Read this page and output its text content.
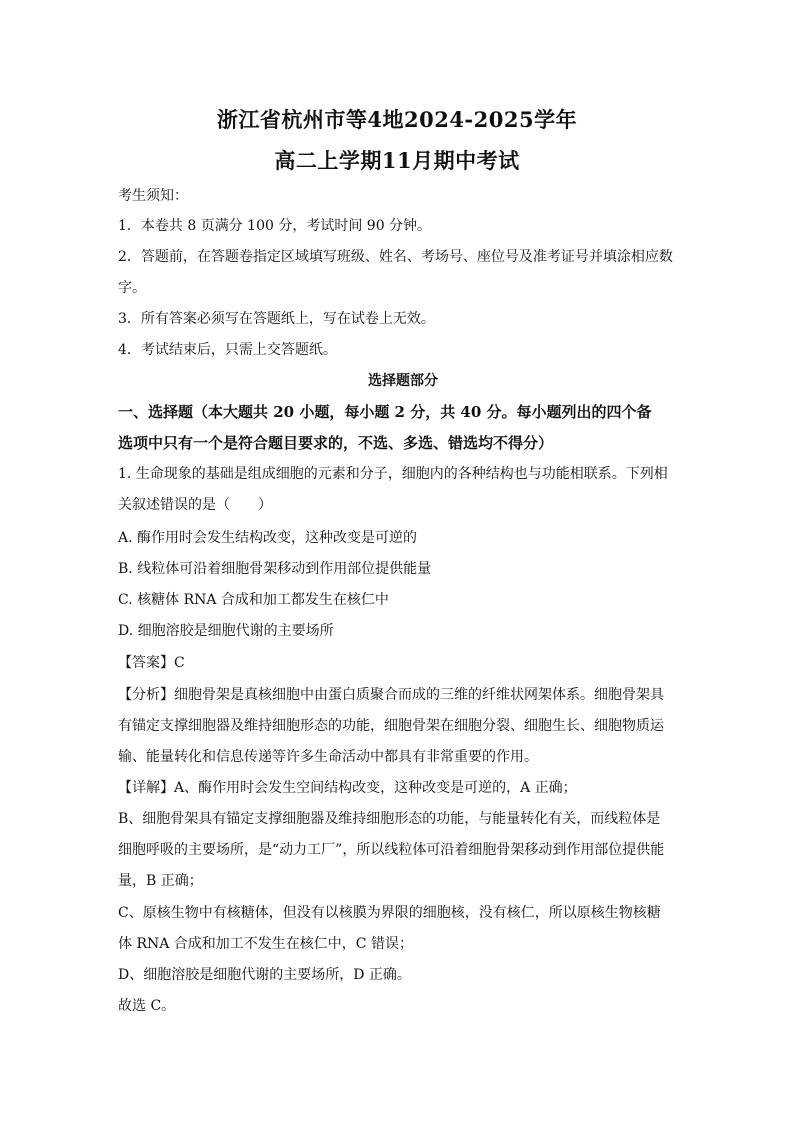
浙江省杭州市等4地2024-2025学年
高二上学期11月期中考试
考生须知：
1．本卷共 8 页满分 100 分，考试时间 90 分钟。
2．答题前，在答题卷指定区域填写班级、姓名、考场号、座位号及准考证号并填涂相应数
字。
3．所有答案必须写在答题纸上，写在试卷上无效。
4．考试结束后，只需上交答题纸。
选择题部分
一、选择题（本大题共 20 小题，每小题 2 分，共 40 分。每小题列出的四个备
选项中只有一个是符合题目要求的，不选、多选、错选均不得分）
1. 生命现象的基础是组成细胞的元素和分子，细胞内的各种结构也与功能相联系。下列相
关叙述错误的是（　　）
A. 酶作用时会发生结构改变，这种改变是可逆的
B. 线粒体可沿着细胞骨架移动到作用部位提供能量
C. 核糖体 RNA 合成和加工都发生在核仁中
D. 细胞溶胶是细胞代谢的主要场所
【答案】C
【分析】细胞骨架是真核细胞中由蛋白质聚合而成的三维的纤维状网架体系。细胞骨架具
有锚定支撑细胞器及维持细胞形态的功能，细胞骨架在细胞分裂、细胞生长、细胞物质运
输、能量转化和信息传递等许多生命活动中都具有非常重要的作用。
【详解】A、酶作用时会发生空间结构改变，这种改变是可逆的，A 正确；
B、细胞骨架具有锚定支撑细胞器及维持细胞形态的功能，与能量转化有关，而线粒体是
细胞呼吸的主要场所，是“动力工厂”，所以线粒体可沿着细胞骨架移动到作用部位提供能
量，B 正确；
C、原核生物中有核糖体，但没有以核膜为界限的细胞核，没有核仁，所以原核生物核糖
体 RNA 合成和加工不发生在核仁中，C 错误；
D、细胞溶胶是细胞代谢的主要场所，D 正确。
故选 C。
